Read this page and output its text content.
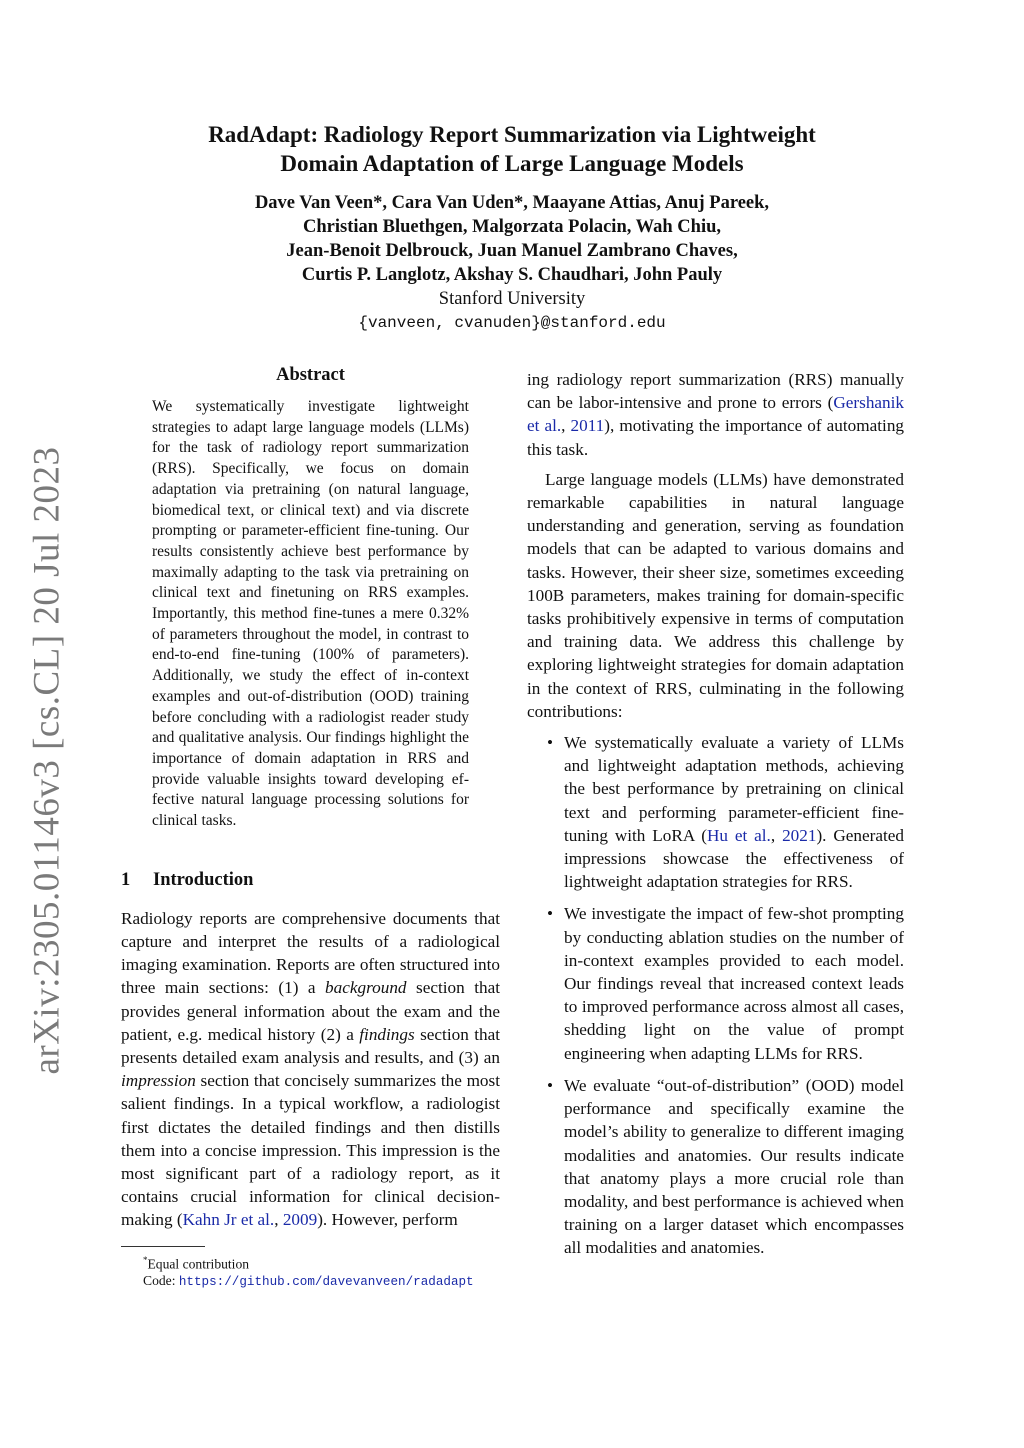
arXiv:2305.01146v3 [cs.CL] 20 Jul 2023
RadAdapt: Radiology Report Summarization via Lightweight
Domain Adaptation of Large Language Models
Dave Van Veen*, Cara Van Uden*, Maayane Attias, Anuj Pareek,
Christian Bluethgen, Malgorzata Polacin, Wah Chiu,
Jean-Benoit Delbrouck, Juan Manuel Zambrano Chaves,
Curtis P. Langlotz, Akshay S. Chaudhari, John Pauly
Stanford University
{vanveen, cvanuden}@stanford.edu
Abstract
We systematically investigate lightweight strategies to adapt large language models (LLMs) for the task of radiology report summarization (RRS). Specifically, we focus on domain adaptation via pretraining (on natural language, biomedical text, or clinical text) and via discrete prompting or parameter-efficient fine-tuning. Our results consistently achieve best performance by maximally adapting to the task via pretraining on clinical text and finetuning on RRS examples. Importantly, this method fine-tunes a mere 0.32% of parameters throughout the model, in contrast to end-to-end fine-tuning (100% of parameters). Additionally, we study the effect of in-context examples and out-of-distribution (OOD) training before concluding with a radiologist reader study and qualitative analysis. Our findings highlight the importance of domain adaptation in RRS and provide valuable insights toward developing effective natural language processing solutions for clinical tasks.
1 Introduction
Radiology reports are comprehensive documents that capture and interpret the results of a radiological imaging examination. Reports are often structured into three main sections: (1) a background section that provides general information about the exam and the patient, e.g. medical history (2) a findings section that presents detailed exam analysis and results, and (3) an impression section that concisely summarizes the most salient findings. In a typical workflow, a radiologist first dictates the detailed findings and then distills them into a concise impression. This impression is the most significant part of a radiology report, as it contains crucial information for clinical decision-making (Kahn Jr et al., 2009). However, perform
*Equal contribution
Code: https://github.com/davevanveen/radadapt

ing radiology report summarization (RRS) manually can be labor-intensive and prone to errors (Gershanik et al., 2011), motivating the importance of automating this task.

Large language models (LLMs) have demonstrated remarkable capabilities in natural language understanding and generation, serving as foundation models that can be adapted to various domains and tasks. However, their sheer size, sometimes exceeding 100B parameters, makes training for domain-specific tasks prohibitively expensive in terms of computation and training data. We address this challenge by exploring lightweight strategies for domain adaptation in the context of RRS, culminating in the following contributions:

• We systematically evaluate a variety of LLMs and lightweight adaptation methods, achieving the best performance by pretraining on clinical text and performing parameter-efficient fine-tuning with LoRA (Hu et al., 2021). Generated impressions showcase the effectiveness of lightweight adaptation strategies for RRS.
• We investigate the impact of few-shot prompting by conducting ablation studies on the number of in-context examples provided to each model. Our findings reveal that increased context leads to improved performance across almost all cases, shedding light on the value of prompt engineering when adapting LLMs for RRS.
• We evaluate “out-of-distribution” (OOD) model performance and specifically examine the model’s ability to generalize to different imaging modalities and anatomies. Our results indicate that anatomy plays a more crucial role than modality, and best performance is achieved when training on a larger dataset which encompasses all modalities and anatomies.
